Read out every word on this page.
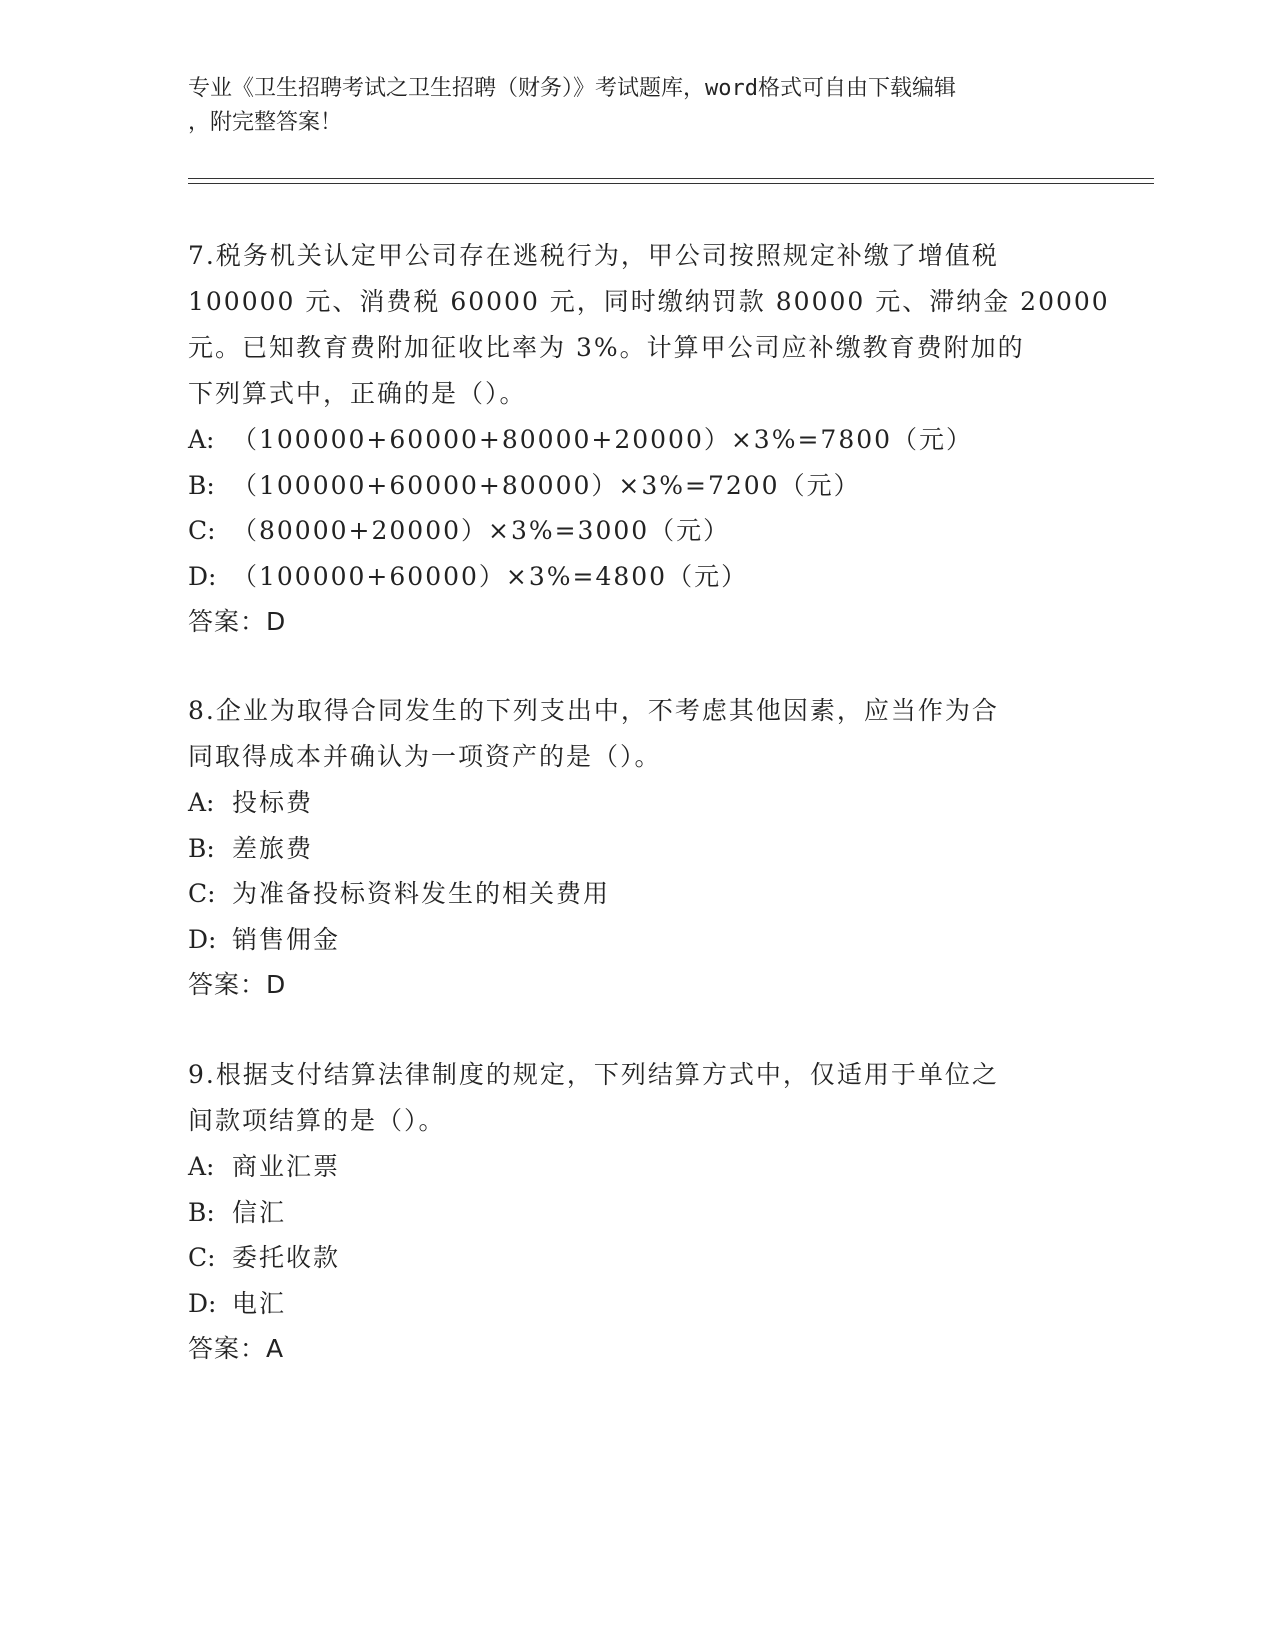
专业《卫生招聘考试之卫生招聘（财务）》考试题库，word格式可自由下载编辑
，附完整答案！
7.税务机关认定甲公司存在逃税行为，甲公司按照规定补缴了增值税
100000 元、消费税 60000 元，同时缴纳罚款 80000 元、滞纳金 20000
元。已知教育费附加征收比率为 3%。计算甲公司应补缴教育费附加的
下列算式中，正确的是（）。
A: （100000+60000+80000+20000）×3%=7800（元）
B: （100000+60000+80000）×3%=7200（元）
C: （80000+20000）×3%=3000（元）
D: （100000+60000）×3%=4800（元）
答案：D
8.企业为取得合同发生的下列支出中，不考虑其他因素，应当作为合
同取得成本并确认为一项资产的是（）。
A: 投标费
B: 差旅费
C: 为准备投标资料发生的相关费用
D: 销售佣金
答案：D
9.根据支付结算法律制度的规定，下列结算方式中，仅适用于单位之
间款项结算的是（）。
A: 商业汇票
B: 信汇
C: 委托收款
D: 电汇
答案：A
